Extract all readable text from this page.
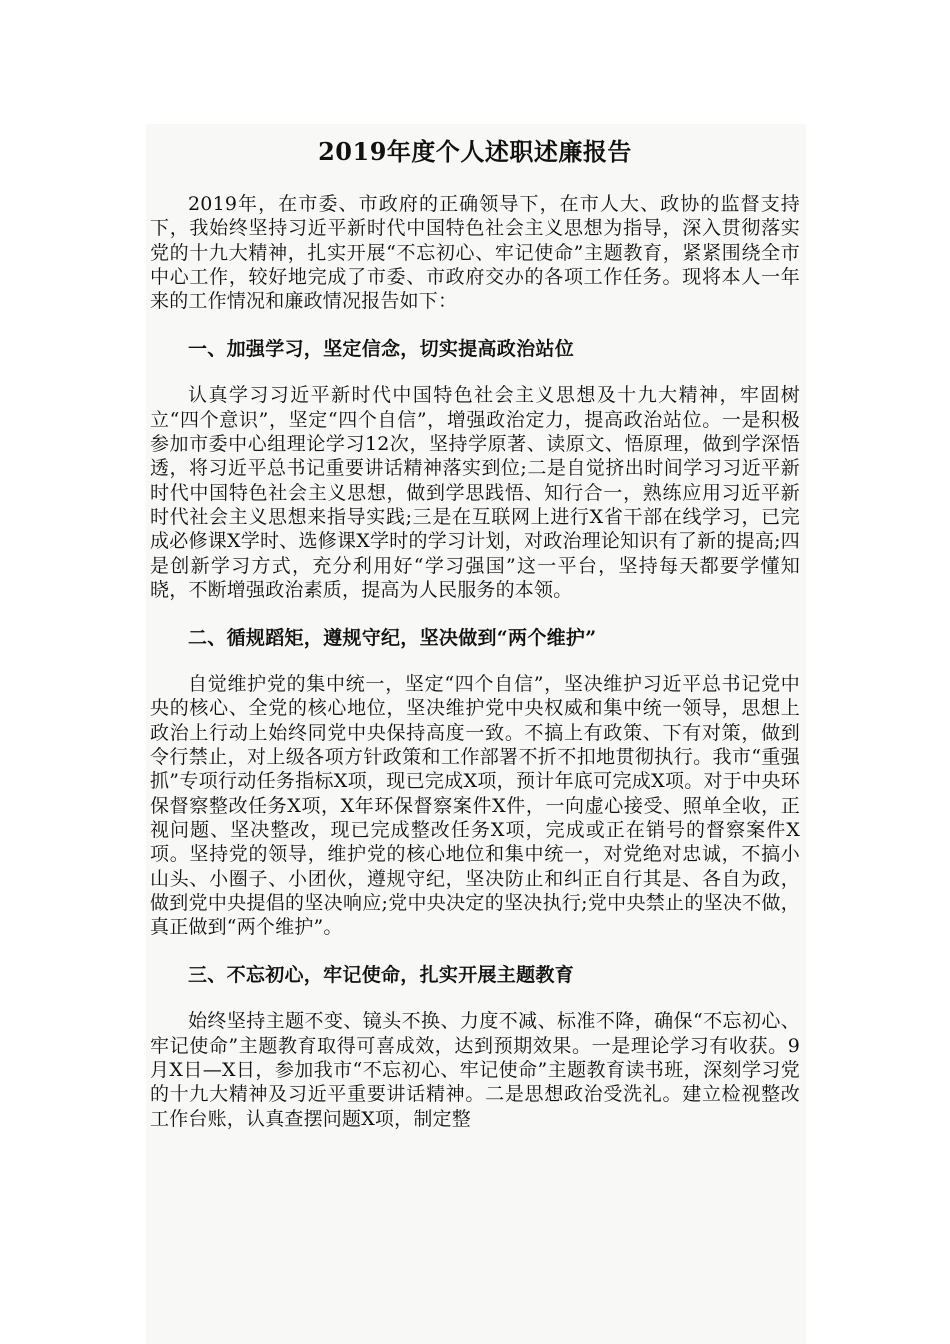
2019年度个人述职述廉报告

2019年，在市委、市政府的正确领导下，在市人大、政协的监督支持下，我始终坚持习近平新时代中国特色社会主义思想为指导，深入贯彻落实党的十九大精神，扎实开展“不忘初心、牢记使命”主题教育，紧紧围绕全市中心工作，较好地完成了市委、市政府交办的各项工作任务。现将本人一年来的工作情况和廉政情况报告如下：

一、加强学习，坚定信念，切实提高政治站位

认真学习习近平新时代中国特色社会主义思想及十九大精神，牢固树立“四个意识”，坚定“四个自信”，增强政治定力，提高政治站位。一是积极参加市委中心组理论学习12次，坚持学原著、读原文、悟原理，做到学深悟透，将习近平总书记重要讲话精神落实到位;二是自觉挤出时间学习习近平新时代中国特色社会主义思想，做到学思践悟、知行合一，熟练应用习近平新时代社会主义思想来指导实践;三是在互联网上进行X省干部在线学习，已完成必修课X学时、选修课X学时的学习计划，对政治理论知识有了新的提高;四是创新学习方式，充分利用好“学习强国”这一平台，坚持每天都要学懂知晓，不断增强政治素质，提高为人民服务的本领。

二、循规蹈矩，遵规守纪，坚决做到“两个维护”

自觉维护党的集中统一，坚定“四个自信”，坚决维护习近平总书记党中央的核心、全党的核心地位，坚决维护党中央权威和集中统一领导，思想上政治上行动上始终同党中央保持高度一致。不搞上有政策、下有对策，做到令行禁止，对上级各项方针政策和工作部署不折不扣地贯彻执行。我市“重强抓”专项行动任务指标X项，现已完成X项，预计年底可完成X项。对于中央环保督察整改任务X项，X年环保督察案件X件，一向虚心接受、照单全收，正视问题、坚决整改，现已完成整改任务X项，完成或正在销号的督察案件X项。坚持党的领导，维护党的核心地位和集中统一，对党绝对忠诚，不搞小山头、小圈子、小团伙，遵规守纪，坚决防止和纠正自行其是、各自为政，做到党中央提倡的坚决响应;党中央决定的坚决执行;党中央禁止的坚决不做，真正做到“两个维护”。

三、不忘初心，牢记使命，扎实开展主题教育

始终坚持主题不变、镜头不换、力度不减、标准不降，确保“不忘初心、牢记使命”主题教育取得可喜成效，达到预期效果。一是理论学习有收获。9月X日—X日，参加我市“不忘初心、牢记使命”主题教育读书班，深刻学习党的十九大精神及习近平重要讲话精神。二是思想政治受洗礼。建立检视整改工作台账，认真查摆问题X项，制定整
